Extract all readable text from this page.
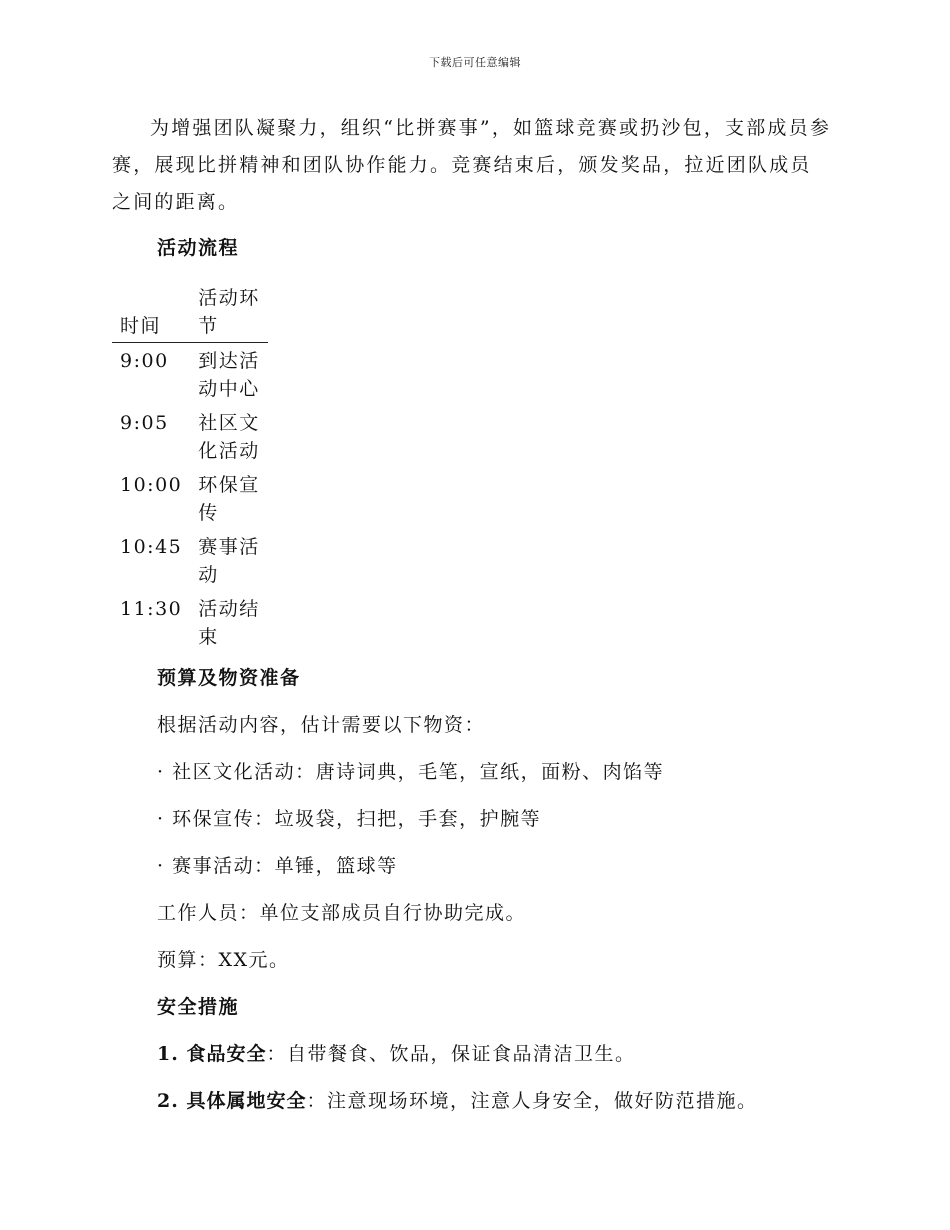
下载后可任意编辑

为增强团队凝聚力，组织“比拼赛事”，如篮球竞赛或扔沙包，支部成员参赛，展现比拼精神和团队协作能力。竞赛结束后，颁发奖品，拉近团队成员之间的距离。

活动流程

时间	活动环节
9:00	到达活动中心
9:05	社区文化活动
10:00	环保宣传
10:45	赛事活动
11:30	活动结束

预算及物资准备

根据活动内容，估计需要以下物资：

· 社区文化活动：唐诗词典，毛笔，宣纸，面粉、肉馅等

· 环保宣传：垃圾袋，扫把，手套，护腕等

· 赛事活动：单锤，篮球等

工作人员：单位支部成员自行协助完成。

预算：XX元。

安全措施

1. 食品安全：自带餐食、饮品，保证食品清洁卫生。

2. 具体属地安全：注意现场环境，注意人身安全，做好防范措施。
